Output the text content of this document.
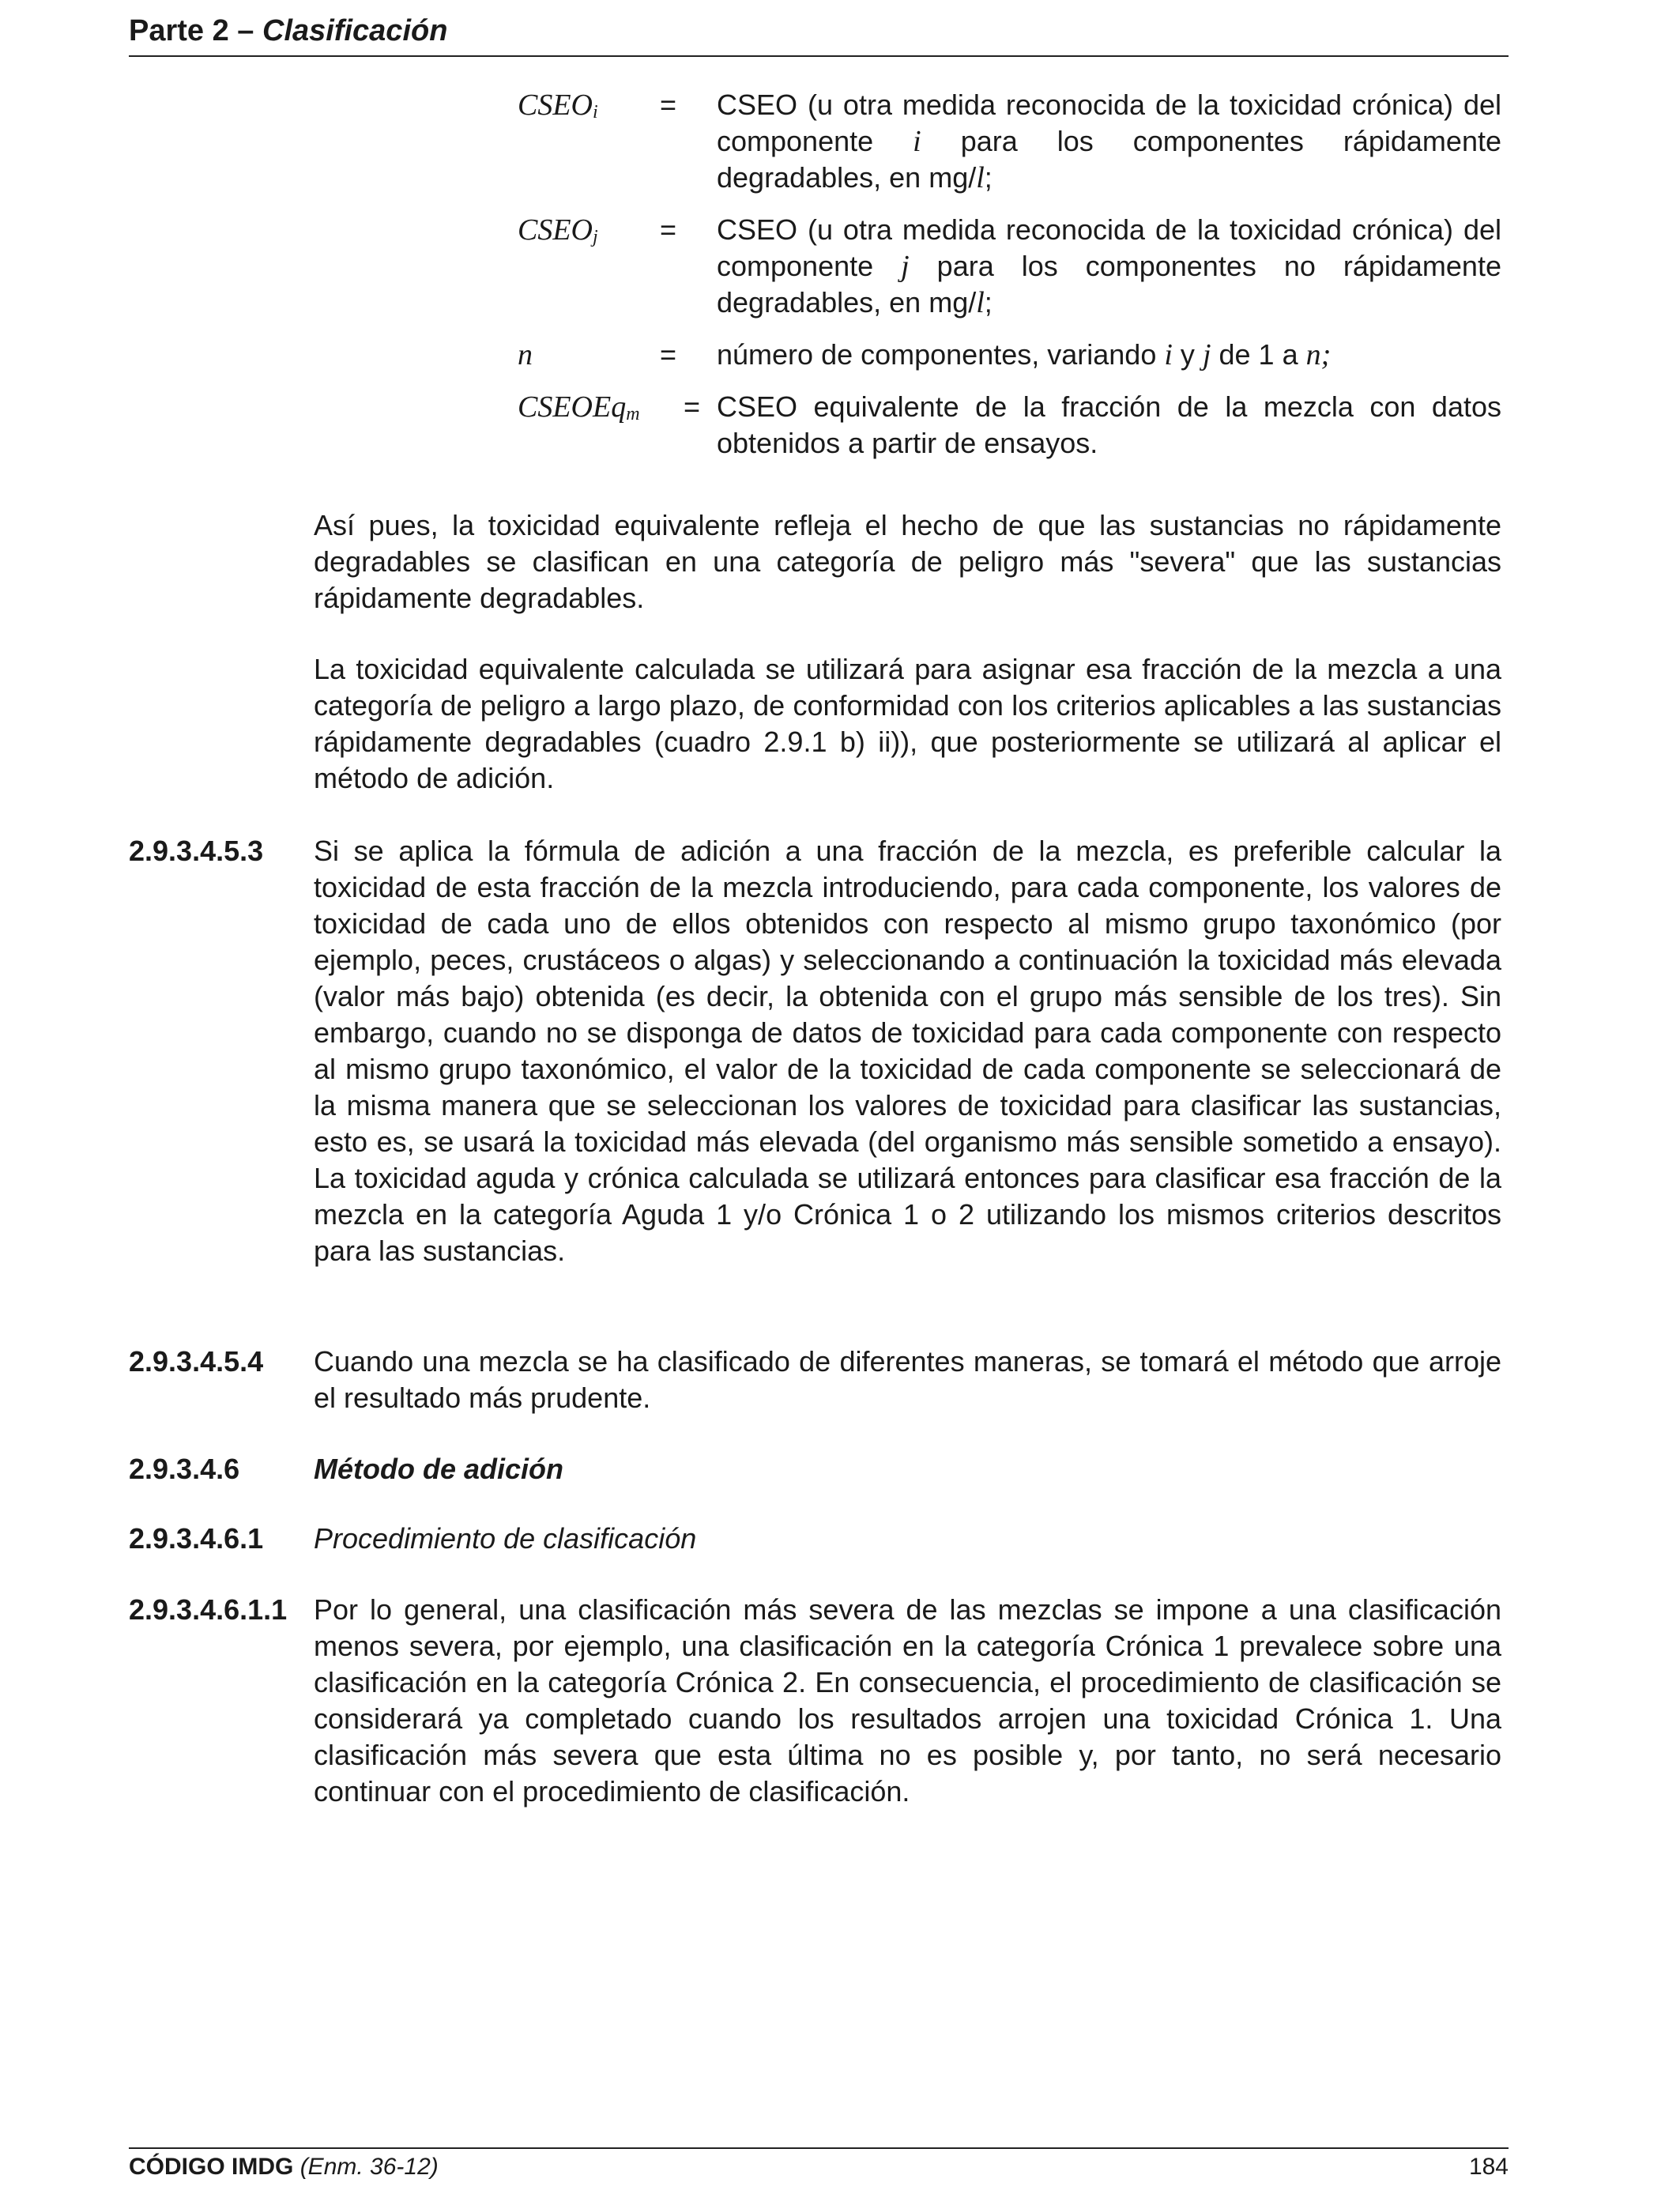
Parte 2 – Clasificación
$CSEO_i$ = CSEO (u otra medida reconocida de la toxicidad crónica) del componente i para los componentes rápidamente degradables, en mg/l;
$CSEO_j$ = CSEO (u otra medida reconocida de la toxicidad crónica) del componente j para los componentes no rápidamente degradables, en mg/l;
n	= número de componentes, variando i y j de 1 a n;
CSEOEq$_m$ = CSEO equivalente de la fracción de la mezcla con datos obtenidos a partir de ensayos.
Así pues, la toxicidad equivalente refleja el hecho de que las sustancias no rápidamente degradables se clasifican en una categoría de peligro más "severa" que las sustancias rápidamente degradables.
La toxicidad equivalente calculada se utilizará para asignar esa fracción de la mezcla a una categoría de peligro a largo plazo, de conformidad con los criterios aplicables a las sustancias rápidamente degradables (cuadro 2.9.1 b) ii)), que posteriormente se utilizará al aplicar el método de adición.
2.9.3.4.5.3 Si se aplica la fórmula de adición a una fracción de la mezcla, es preferible calcular la toxicidad de esta fracción de la mezcla introduciendo, para cada componente, los valores de toxicidad de cada uno de ellos obtenidos con respecto al mismo grupo taxonómico (por ejemplo, peces, crustáceos o algas) y seleccionando a continuación la toxicidad más elevada (valor más bajo) obtenida (es decir, la obtenida con el grupo más sensible de los tres). Sin embargo, cuando no se disponga de datos de toxicidad para cada componente con respecto al mismo grupo taxonómico, el valor de la toxicidad de cada componente se seleccionará de la misma manera que se seleccionan los valores de toxicidad para clasificar las sustancias, esto es, se usará la toxicidad más elevada (del organismo más sensible sometido a ensayo). La toxicidad aguda y crónica calculada se utilizará entonces para clasificar esa fracción de la mezcla en la categoría Aguda 1 y/o Crónica 1 o 2 utilizando los mismos criterios descritos para las sustancias.
2.9.3.4.5.4 Cuando una mezcla se ha clasificado de diferentes maneras, se tomará el método que arroje el resultado más prudente.
2.9.3.4.6	Método de adición
2.9.3.4.6.1 Procedimiento de clasificación
2.9.3.4.6.1.1 Por lo general, una clasificación más severa de las mezclas se impone a una clasificación menos severa, por ejemplo, una clasificación en la categoría Crónica 1 prevalece sobre una clasificación en la categoría Crónica 2. En consecuencia, el procedimiento de clasificación se considerará ya completado cuando los resultados arrojen una toxicidad Crónica 1. Una clasificación más severa que esta última no es posible y, por tanto, no será necesario continuar con el procedimiento de clasificación.
CÓDIGO IMDG (Enm. 36-12)	184
